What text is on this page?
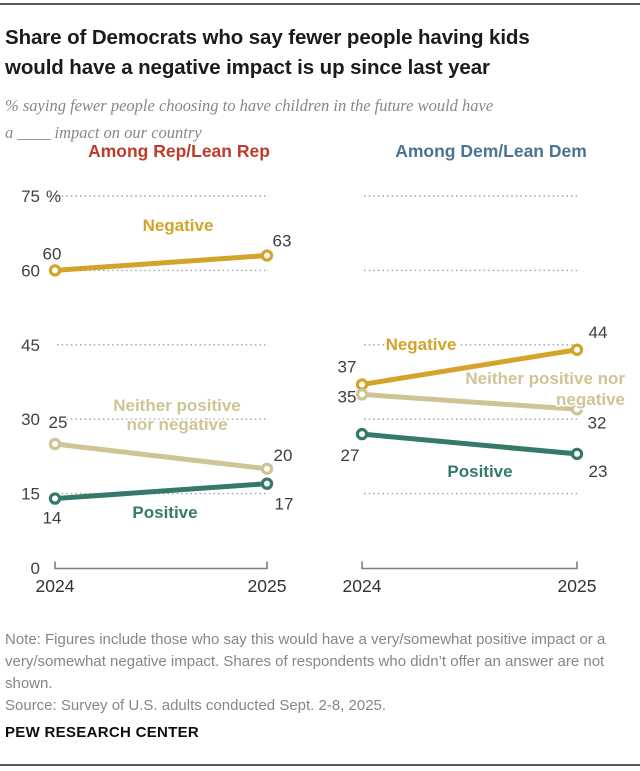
Share of Democrats who say fewer people having kids
would have a negative impact is up since last year
% saying fewer people choosing to have children in the future would have
a ____ impact on our country
Among Rep/Lean Rep
0
15
30
45
60
75 %
2024	2025
Negative
60
63
Neither positive
nor negative
25
20
Positive
14
17
Among Dem/Lean Dem
2024	2025
Negative
37
44
Neither positive nor
negative
35
32
Positive
27
23
Note: Figures include those who say this would have a very/somewhat positive impact or a very/somewhat negative impact. Shares of respondents who didn’t offer an answer are not shown.
Source: Survey of U.S. adults conducted Sept. 2-8, 2025.
PEW RESEARCH CENTER
